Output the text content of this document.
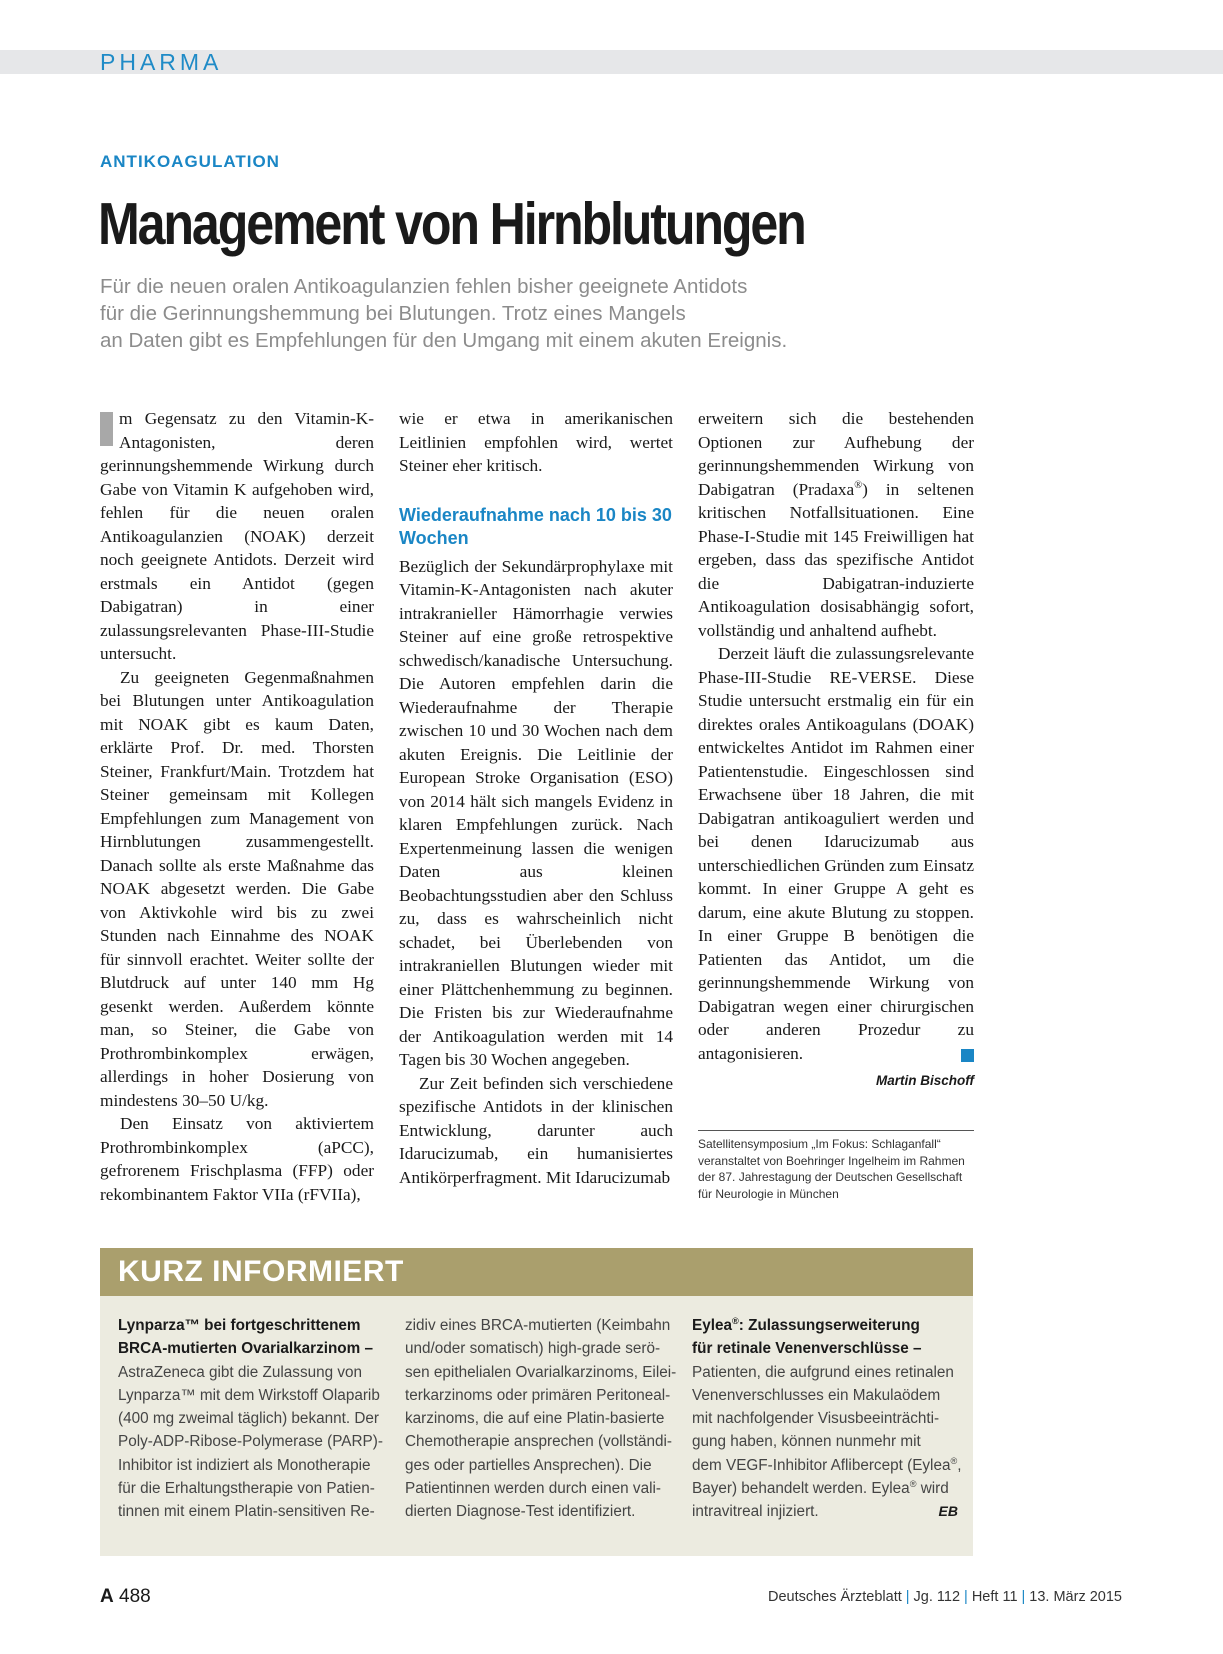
PHARMA
ANTIKOAGULATION
Management von Hirnblutungen
Für die neuen oralen Antikoagulanzien fehlen bisher geeignete Antidots
für die Gerinnungshemmung bei Blutungen. Trotz eines Mangels
an Daten gibt es Empfehlungen für den Umgang mit einem akuten Ereignis.

m Gegensatz zu den Vitamin-K-Antagonisten, deren gerinnungshemmende Wirkung durch Gabe von Vitamin K aufgehoben wird, fehlen für die neuen oralen Antikoagulanzien (NOAK) derzeit noch geeignete Antidots. Derzeit wird erstmals ein Antidot (gegen Dabigatran) in einer zulassungsrelevanten Phase-III-Studie untersucht.

Zu geeigneten Gegenmaßnahmen bei Blutungen unter Antikoagulation mit NOAK gibt es kaum Daten, erklärte Prof. Dr. med. Thorsten Steiner, Frankfurt/Main. Trotzdem hat Steiner gemeinsam mit Kollegen Empfehlungen zum Management von Hirnblutungen zusammengestellt. Danach sollte als erste Maßnahme das NOAK abgesetzt werden. Die Gabe von Aktivkohle wird bis zu zwei Stunden nach Einnahme des NOAK für sinnvoll erachtet. Weiter sollte der Blutdruck auf unter 140 mm Hg gesenkt werden. Außerdem könnte man, so Steiner, die Gabe von Prothrombinkomplex erwägen, allerdings in hoher Dosierung von mindestens 30–50 U/kg.

Den Einsatz von aktiviertem Prothrombinkomplex (aPCC), gefrorenem Frischplasma (FFP) oder rekombinantem Faktor VIIa (rFVIIa),

wie er etwa in amerikanischen Leitlinien empfohlen wird, wertet Steiner eher kritisch.

Wiederaufnahme nach 10 bis 30 Wochen

Bezüglich der Sekundärprophylaxe mit Vitamin-K-Antagonisten nach akuter intrakranieller Hämorrhagie verwies Steiner auf eine große retrospektive schwedisch/kanadische Untersuchung. Die Autoren empfehlen darin die Wiederaufnahme der Therapie zwischen 10 und 30 Wochen nach dem akuten Ereignis. Die Leitlinie der European Stroke Organisation (ESO) von 2014 hält sich mangels Evidenz in klaren Empfehlungen zurück. Nach Expertenmeinung lassen die wenigen Daten aus kleinen Beobachtungsstudien aber den Schluss zu, dass es wahrscheinlich nicht schadet, bei Überlebenden von intrakraniellen Blutungen wieder mit einer Plättchenhemmung zu beginnen. Die Fristen bis zur Wiederaufnahme der Antikoagulation werden mit 14 Tagen bis 30 Wochen angegeben.

Zur Zeit befinden sich verschiedene spezifische Antidots in der klinischen Entwicklung, darunter auch Idarucizumab, ein humanisiertes Antikörperfragment. Mit Idarucizumab

erweitern sich die bestehenden Optionen zur Aufhebung der gerinnungshemmenden Wirkung von Dabigatran (Pradaxa®) in seltenen kritischen Notfallsituationen. Eine Phase-I-Studie mit 145 Freiwilligen hat ergeben, dass das spezifische Antidot die Dabigatran-induzierte Antikoagulation dosisabhängig sofort, vollständig und anhaltend aufhebt.

Derzeit läuft die zulassungsrelevante Phase-III-Studie RE-VERSE. Diese Studie untersucht erstmalig ein für ein direktes orales Antikoagulans (DOAK) entwickeltes Antidot im Rahmen einer Patientenstudie. Eingeschlossen sind Erwachsene über 18 Jahren, die mit Dabigatran antikoaguliert werden und bei denen Idarucizumab aus unterschiedlichen Gründen zum Einsatz kommt. In einer Gruppe A geht es darum, eine akute Blutung zu stoppen. In einer Gruppe B benötigen die Patienten das Antidot, um die gerinnungshemmende Wirkung von Dabigatran wegen einer chirurgischen oder anderen Prozedur zu antagonisieren.

Martin Bischoff
Satellitensymposium „Im Fokus: Schlaganfall“ veranstaltet von Boehringer Ingelheim im Rahmen der 87. Jahrestagung der Deutschen Gesellschaft für Neurologie in München
KURZ INFORMIERT
Lynparza™ bei fortgeschrittenem
BRCA-mutierten Ovarialkarzinom –
AstraZeneca gibt die Zulassung von
Lynparza™ mit dem Wirkstoff Olaparib
(400 mg zweimal täglich) bekannt. Der
Poly-ADP-Ribose-Polymerase (PARP)-
Inhibitor ist indiziert als Monotherapie
für die Erhaltungstherapie von Patien-
tinnen mit einem Platin-sensitiven Re-
zidiv eines BRCA-mutierten (Keimbahn
und/oder somatisch) high-grade serö-
sen epithelialen Ovarialkarzinoms, Eilei-
terkarzinoms oder primären Peritoneal-
karzinoms, die auf eine Platin-basierte
Chemotherapie ansprechen (vollständi-
ges oder partielles Ansprechen). Die
Patientinnen werden durch einen vali-
dierten Diagnose-Test identifiziert.
Eylea®: Zulassungserweiterung
für retinale Venenverschlüsse –
Patienten, die aufgrund eines retinalen
Venenverschlusses ein Makulaödem
mit nachfolgender Visusbeeinträchti-
gung haben, können nunmehr mit
dem VEGF-Inhibitor Aflibercept (Eylea®,
Bayer) behandelt werden. Eylea® wird
intravitreal injiziert.	EB
A 488	Deutsches Ärzteblatt | Jg. 112 | Heft 11 | 13. März 2015
